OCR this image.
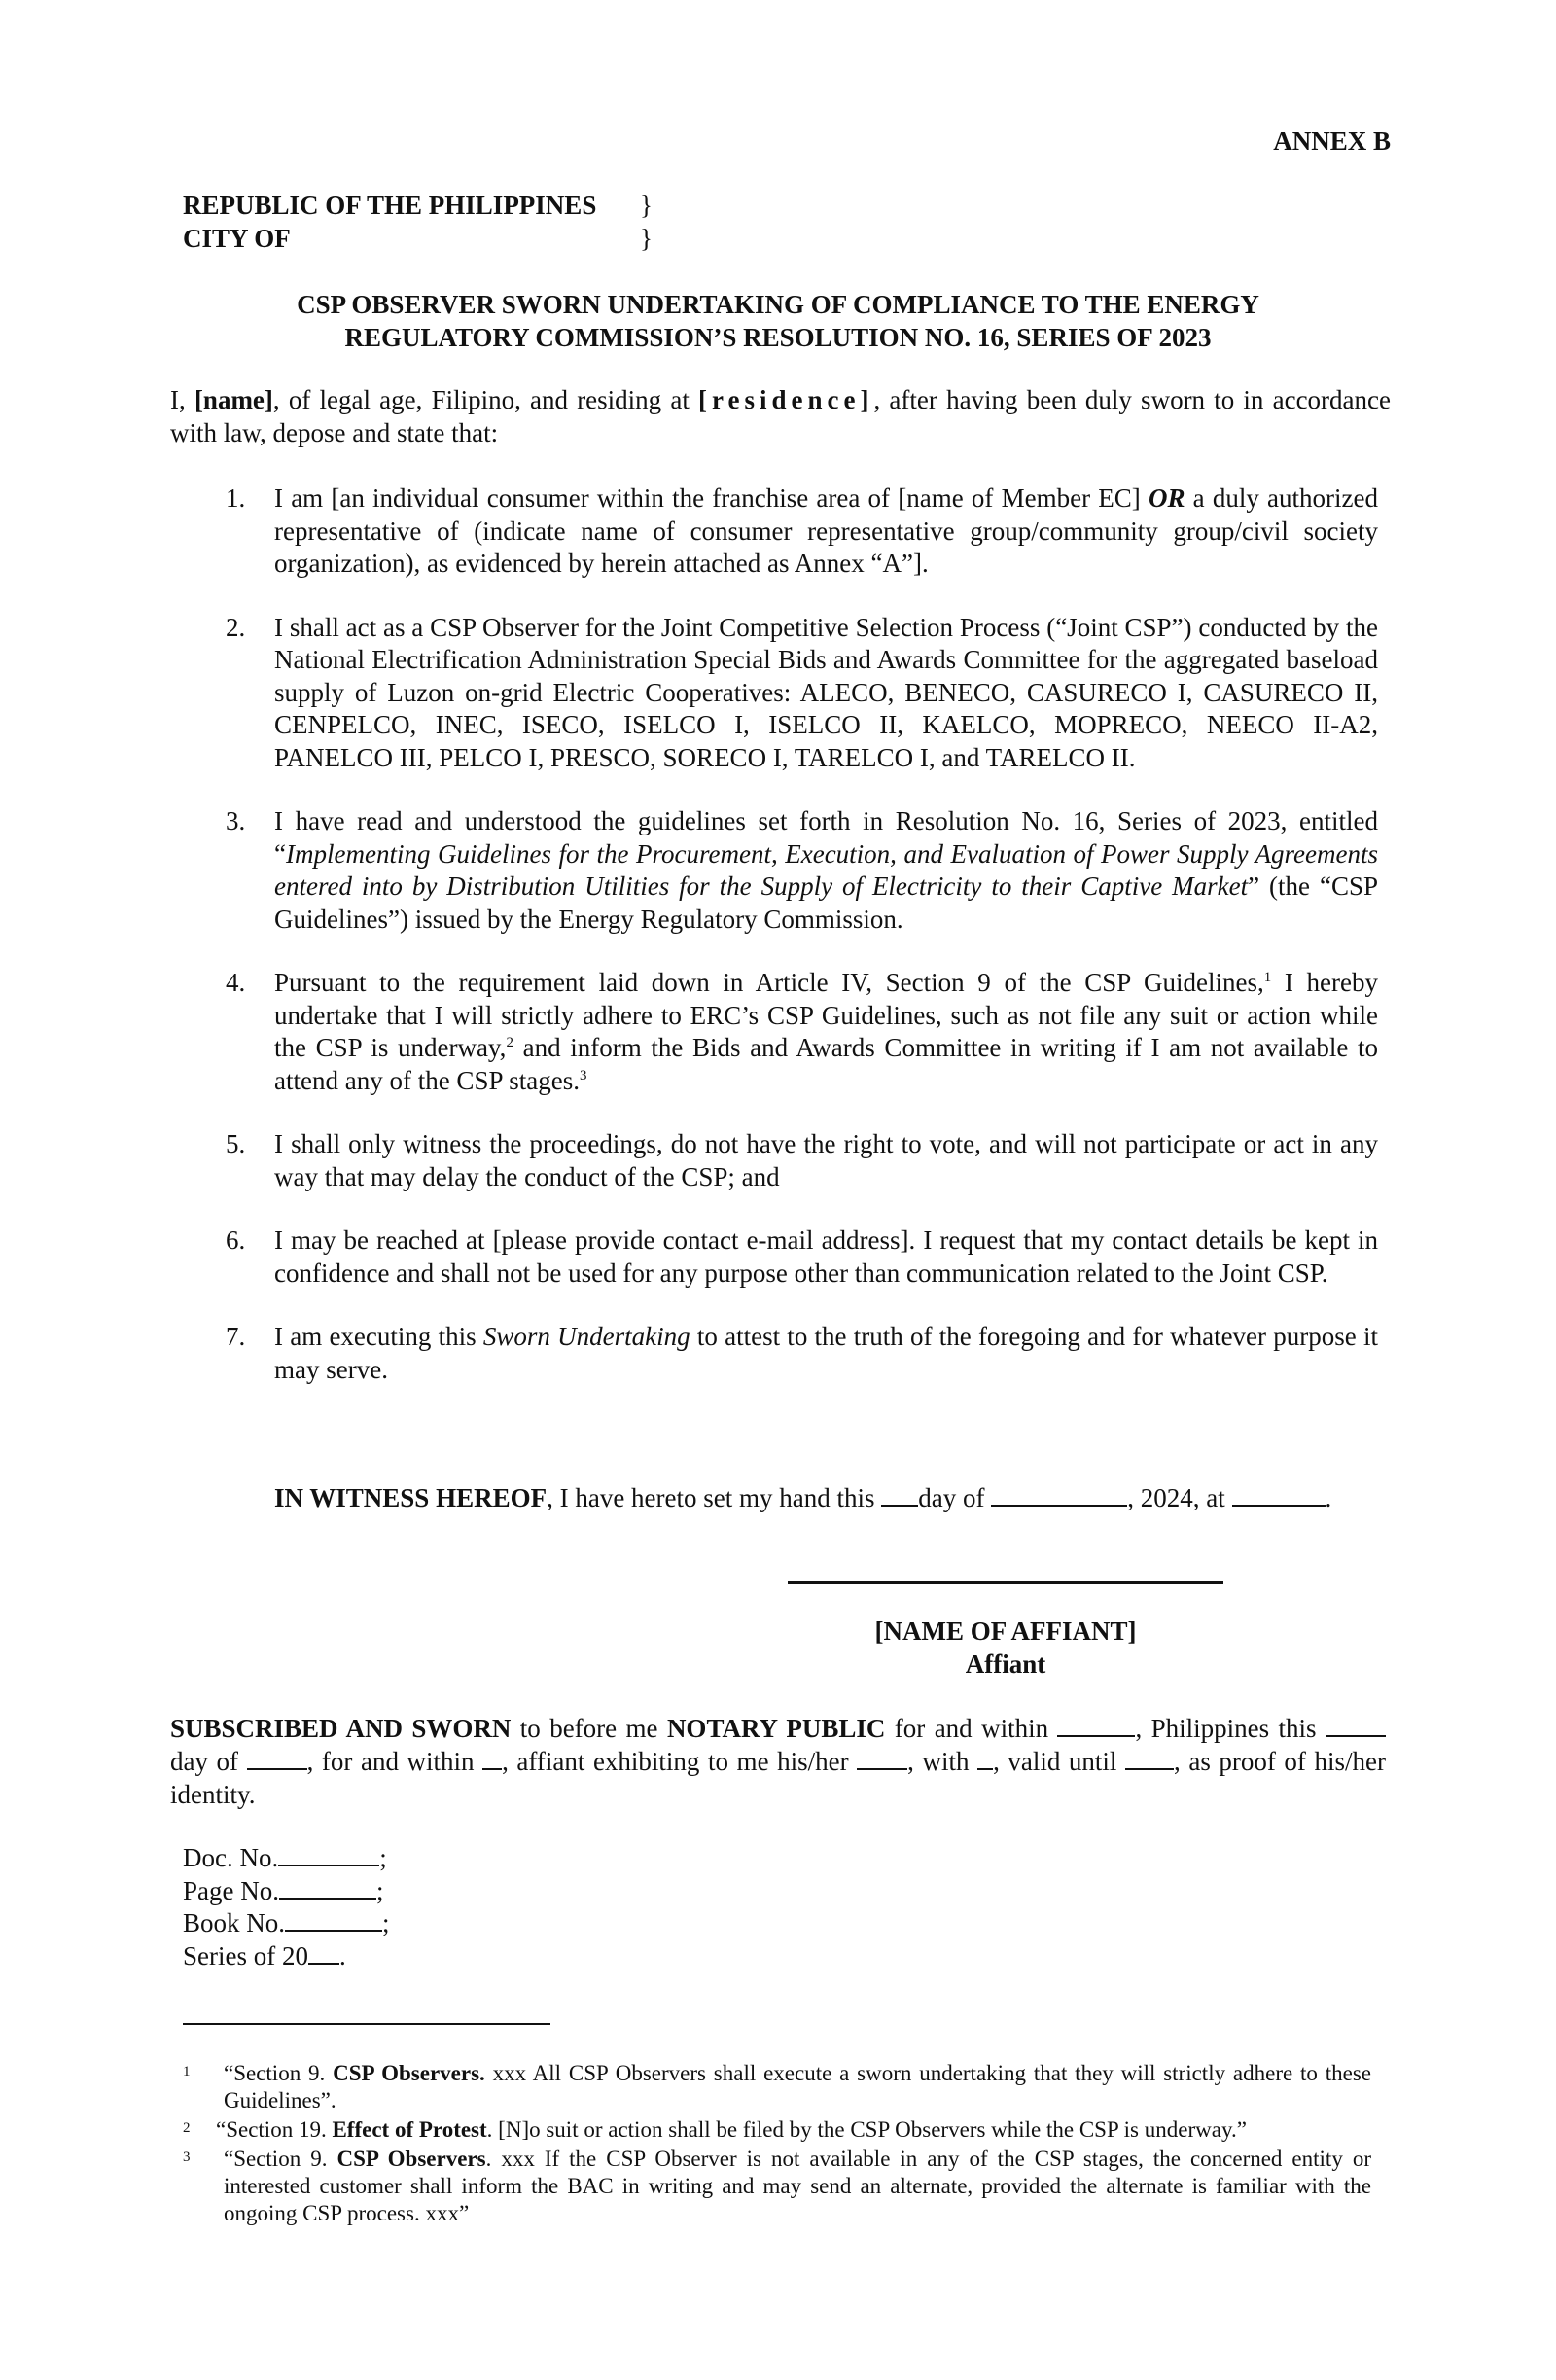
ANNEX B
REPUBLIC OF THE PHILIPPINES	}
CITY OF	}
CSP OBSERVER SWORN UNDERTAKING OF COMPLIANCE TO THE ENERGY
REGULATORY COMMISSION’S RESOLUTION NO. 16, SERIES OF 2023
I, [name], of legal age, Filipino, and residing at [residence], after having been duly sworn to in accordance with law, depose and state that:
1. I am [an individual consumer within the franchise area of [name of Member EC] OR a duly authorized representative of (indicate name of consumer representative group/community group/civil society organization), as evidenced by herein attached as Annex “A”].
2. I shall act as a CSP Observer for the Joint Competitive Selection Process (“Joint CSP”) conducted by the National Electrification Administration Special Bids and Awards Committee for the aggregated baseload supply of Luzon on-grid Electric Cooperatives: ALECO, BENECO, CASURECO I, CASURECO II, CENPELCO, INEC, ISECO, ISELCO I, ISELCO II, KAELCO, MOPRECO, NEECO II-A2, PANELCO III, PELCO I, PRESCO, SORECO I, TARELCO I, and TARELCO II.
3. I have read and understood the guidelines set forth in Resolution No. 16, Series of 2023, entitled “Implementing Guidelines for the Procurement, Execution, and Evaluation of Power Supply Agreements entered into by Distribution Utilities for the Supply of Electricity to their Captive Market” (the “CSP Guidelines”) issued by the Energy Regulatory Commission.
4. Pursuant to the requirement laid down in Article IV, Section 9 of the CSP Guidelines,$^1$ I hereby undertake that I will strictly adhere to ERC’s CSP Guidelines, such as not file any suit or action while the CSP is underway,$^2$ and inform the Bids and Awards Committee in writing if I am not available to attend any of the CSP stages.$^3$
5. I shall only witness the proceedings, do not have the right to vote, and will not participate or act in any way that may delay the conduct of the CSP; and
6. I may be reached at [please provide contact e-mail address]. I request that my contact details be kept in confidence and shall not be used for any purpose other than communication related to the Joint CSP.
7. I am executing this Sworn Undertaking to attest to the truth of the foregoing and for whatever purpose it may serve.
IN WITNESS HEREOF, I have hereto set my hand this day of	, 2024, at	.
[NAME OF AFFIANT]
Affiant
SUBSCRIBED AND SWORN to before me NOTARY PUBLIC for and within	, Philippines this  day of , for and within , affiant exhibiting to me his/her , with , valid until , as proof of his/her identity.
Doc. No.	;
Page No.	;
Book No.	;
Series of 20 .
1 “Section 9. CSP Observers. xxx All CSP Observers shall execute a sworn undertaking that they will strictly adhere to these Guidelines”.
2 “Section 19. Effect of Protest. [N]o suit or action shall be filed by the CSP Observers while the CSP is underway.”
3 “Section 9. CSP Observers. xxx If the CSP Observer is not available in any of the CSP stages, the concerned entity or interested customer shall inform the BAC in writing and may send an alternate, provided the alternate is familiar with the ongoing CSP process. xxx”
